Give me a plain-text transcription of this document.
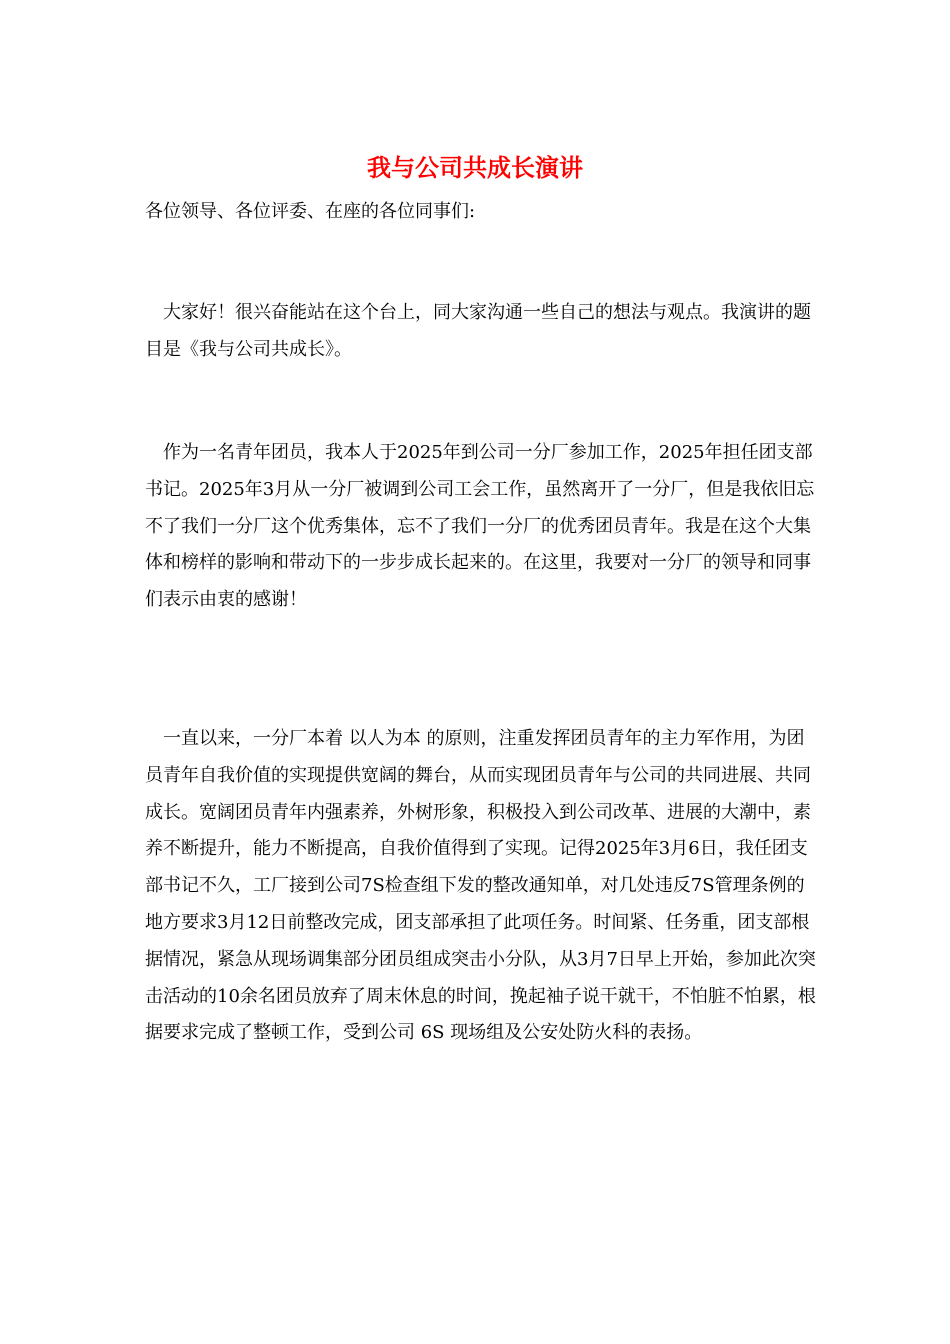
我与公司共成长演讲
各位领导、各位评委、在座的各位同事们:

大家好！很兴奋能站在这个台上，同大家沟通一些自己的想法与观点。我演讲的题目是《我与公司共成长》。

作为一名青年团员，我本人于2025年到公司一分厂参加工作，2025年担任团支部书记。2025年3月从一分厂被调到公司工会工作，虽然离开了一分厂，但是我依旧忘不了我们一分厂这个优秀集体，忘不了我们一分厂的优秀团员青年。我是在这个大集体和榜样的影响和带动下的一步步成长起来的。在这里，我要对一分厂的领导和同事们表示由衷的感谢！

一直以来，一分厂本着 以人为本 的原则，注重发挥团员青年的主力军作用，为团员青年自我价值的实现提供宽阔的舞台，从而实现团员青年与公司的共同进展、共同成长。宽阔团员青年内强素养，外树形象，积极投入到公司改革、进展的大潮中，素养不断提升，能力不断提高，自我价值得到了实现。记得2025年3月6日，我任团支部书记不久，工厂接到公司7S检查组下发的整改通知单，对几处违反7S管理条例的地方要求3月12日前整改完成，团支部承担了此项任务。时间紧、任务重，团支部根据情况，紧急从现场调集部分团员组成突击小分队，从3月7日早上开始，参加此次突击活动的10余名团员放弃了周末休息的时间，挽起袖子说干就干，不怕脏不怕累，根据要求完成了整顿工作，受到公司 6S 现场组及公安处防火科的表扬。
